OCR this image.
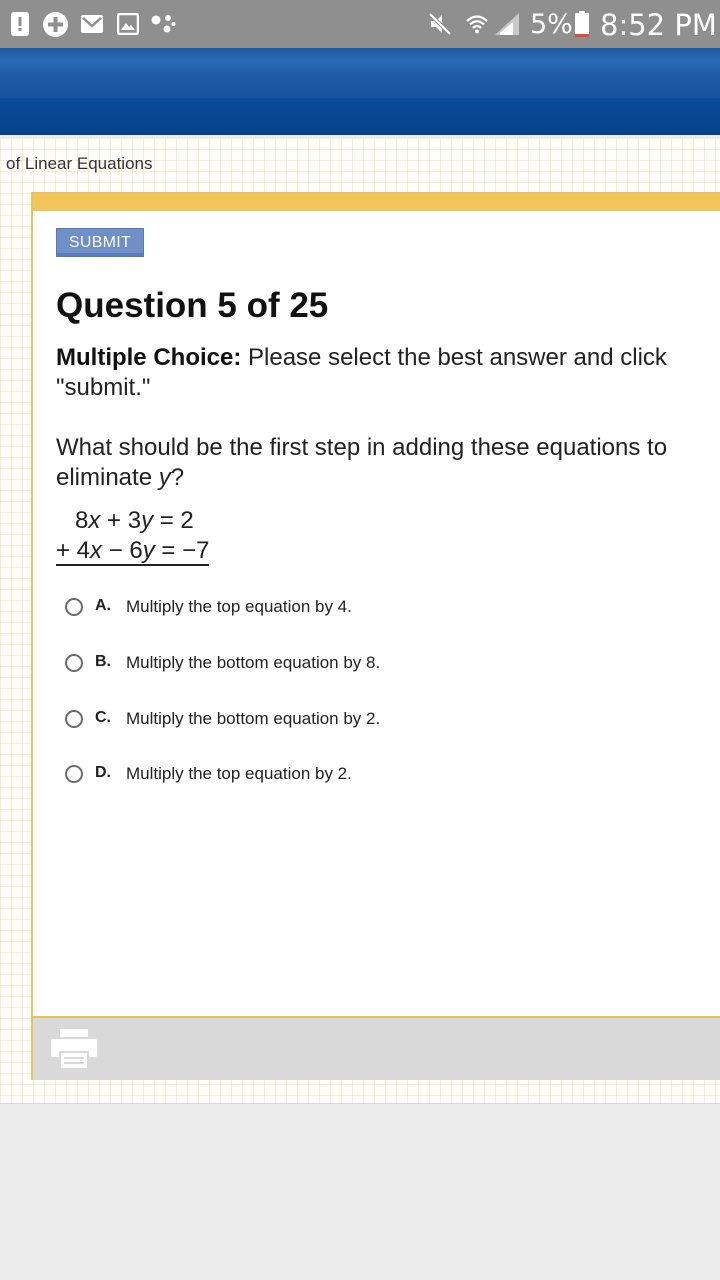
5% 8:52 PM
of Linear Equations
SUBMIT
Question 5 of 25
Multiple Choice: Please select the best answer and click "submit."
What should be the first step in adding these equations to eliminate y?
8x + 3y = 2
+ 4x − 6y = −7
A. Multiply the top equation by 4.
B. Multiply the bottom equation by 8.
C. Multiply the bottom equation by 2.
D. Multiply the top equation by 2.
